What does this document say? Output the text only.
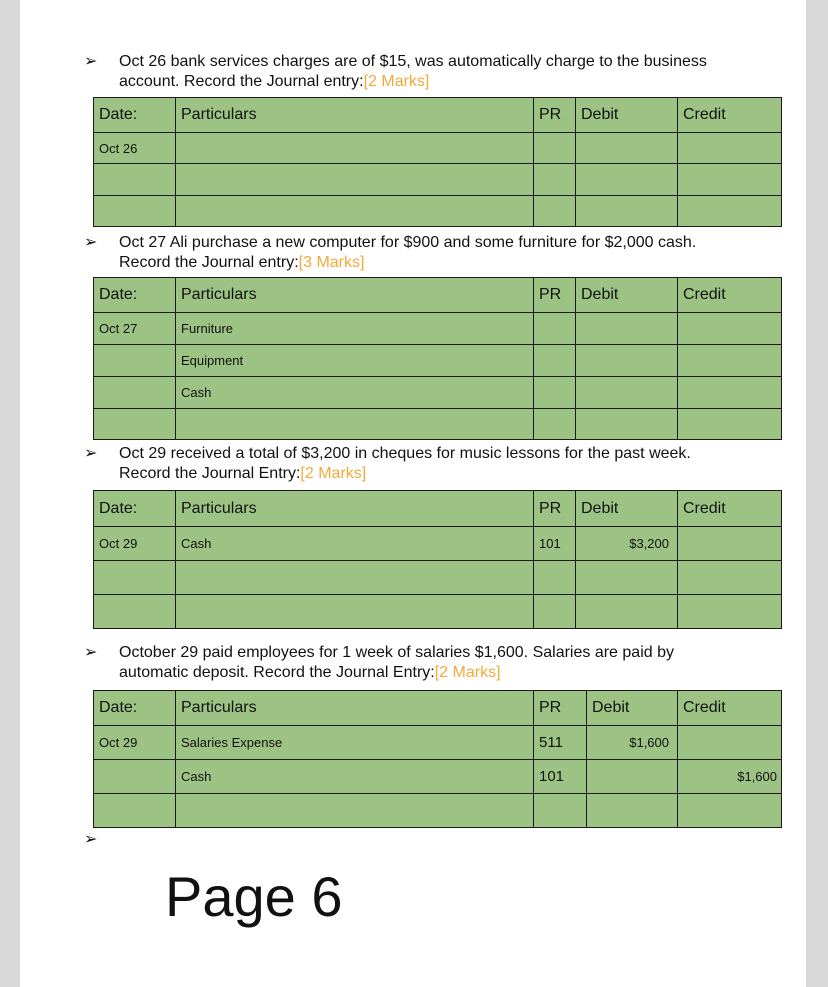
➢	Oct 26 bank services charges are of $15, was automatically charge to the business account. Record the Journal entry:[2 Marks]
Date:	Particulars	PR	Debit	Credit
Oct 26				

➢	Oct 27 Ali purchase a new computer for $900 and some furniture for $2,000 cash. Record the Journal entry:[3 Marks]
Date:	Particulars	PR	Debit	Credit
Oct 27	Furniture			
	Equipment			
	Cash			

➢	Oct 29 received a total of $3,200 in cheques for music lessons for the past week. Record the Journal Entry:[2 Marks]
Date:	Particulars	PR	Debit	Credit
Oct 29	Cash	101	$3,200	

➢	October 29 paid employees for 1 week of salaries $1,600. Salaries are paid by automatic deposit. Record the Journal Entry:[2 Marks]
Date:	Particulars	PR	Debit	Credit
Oct 29	Salaries Expense	511	$1,600	
	Cash	101		$1,600

➢
Page 6
